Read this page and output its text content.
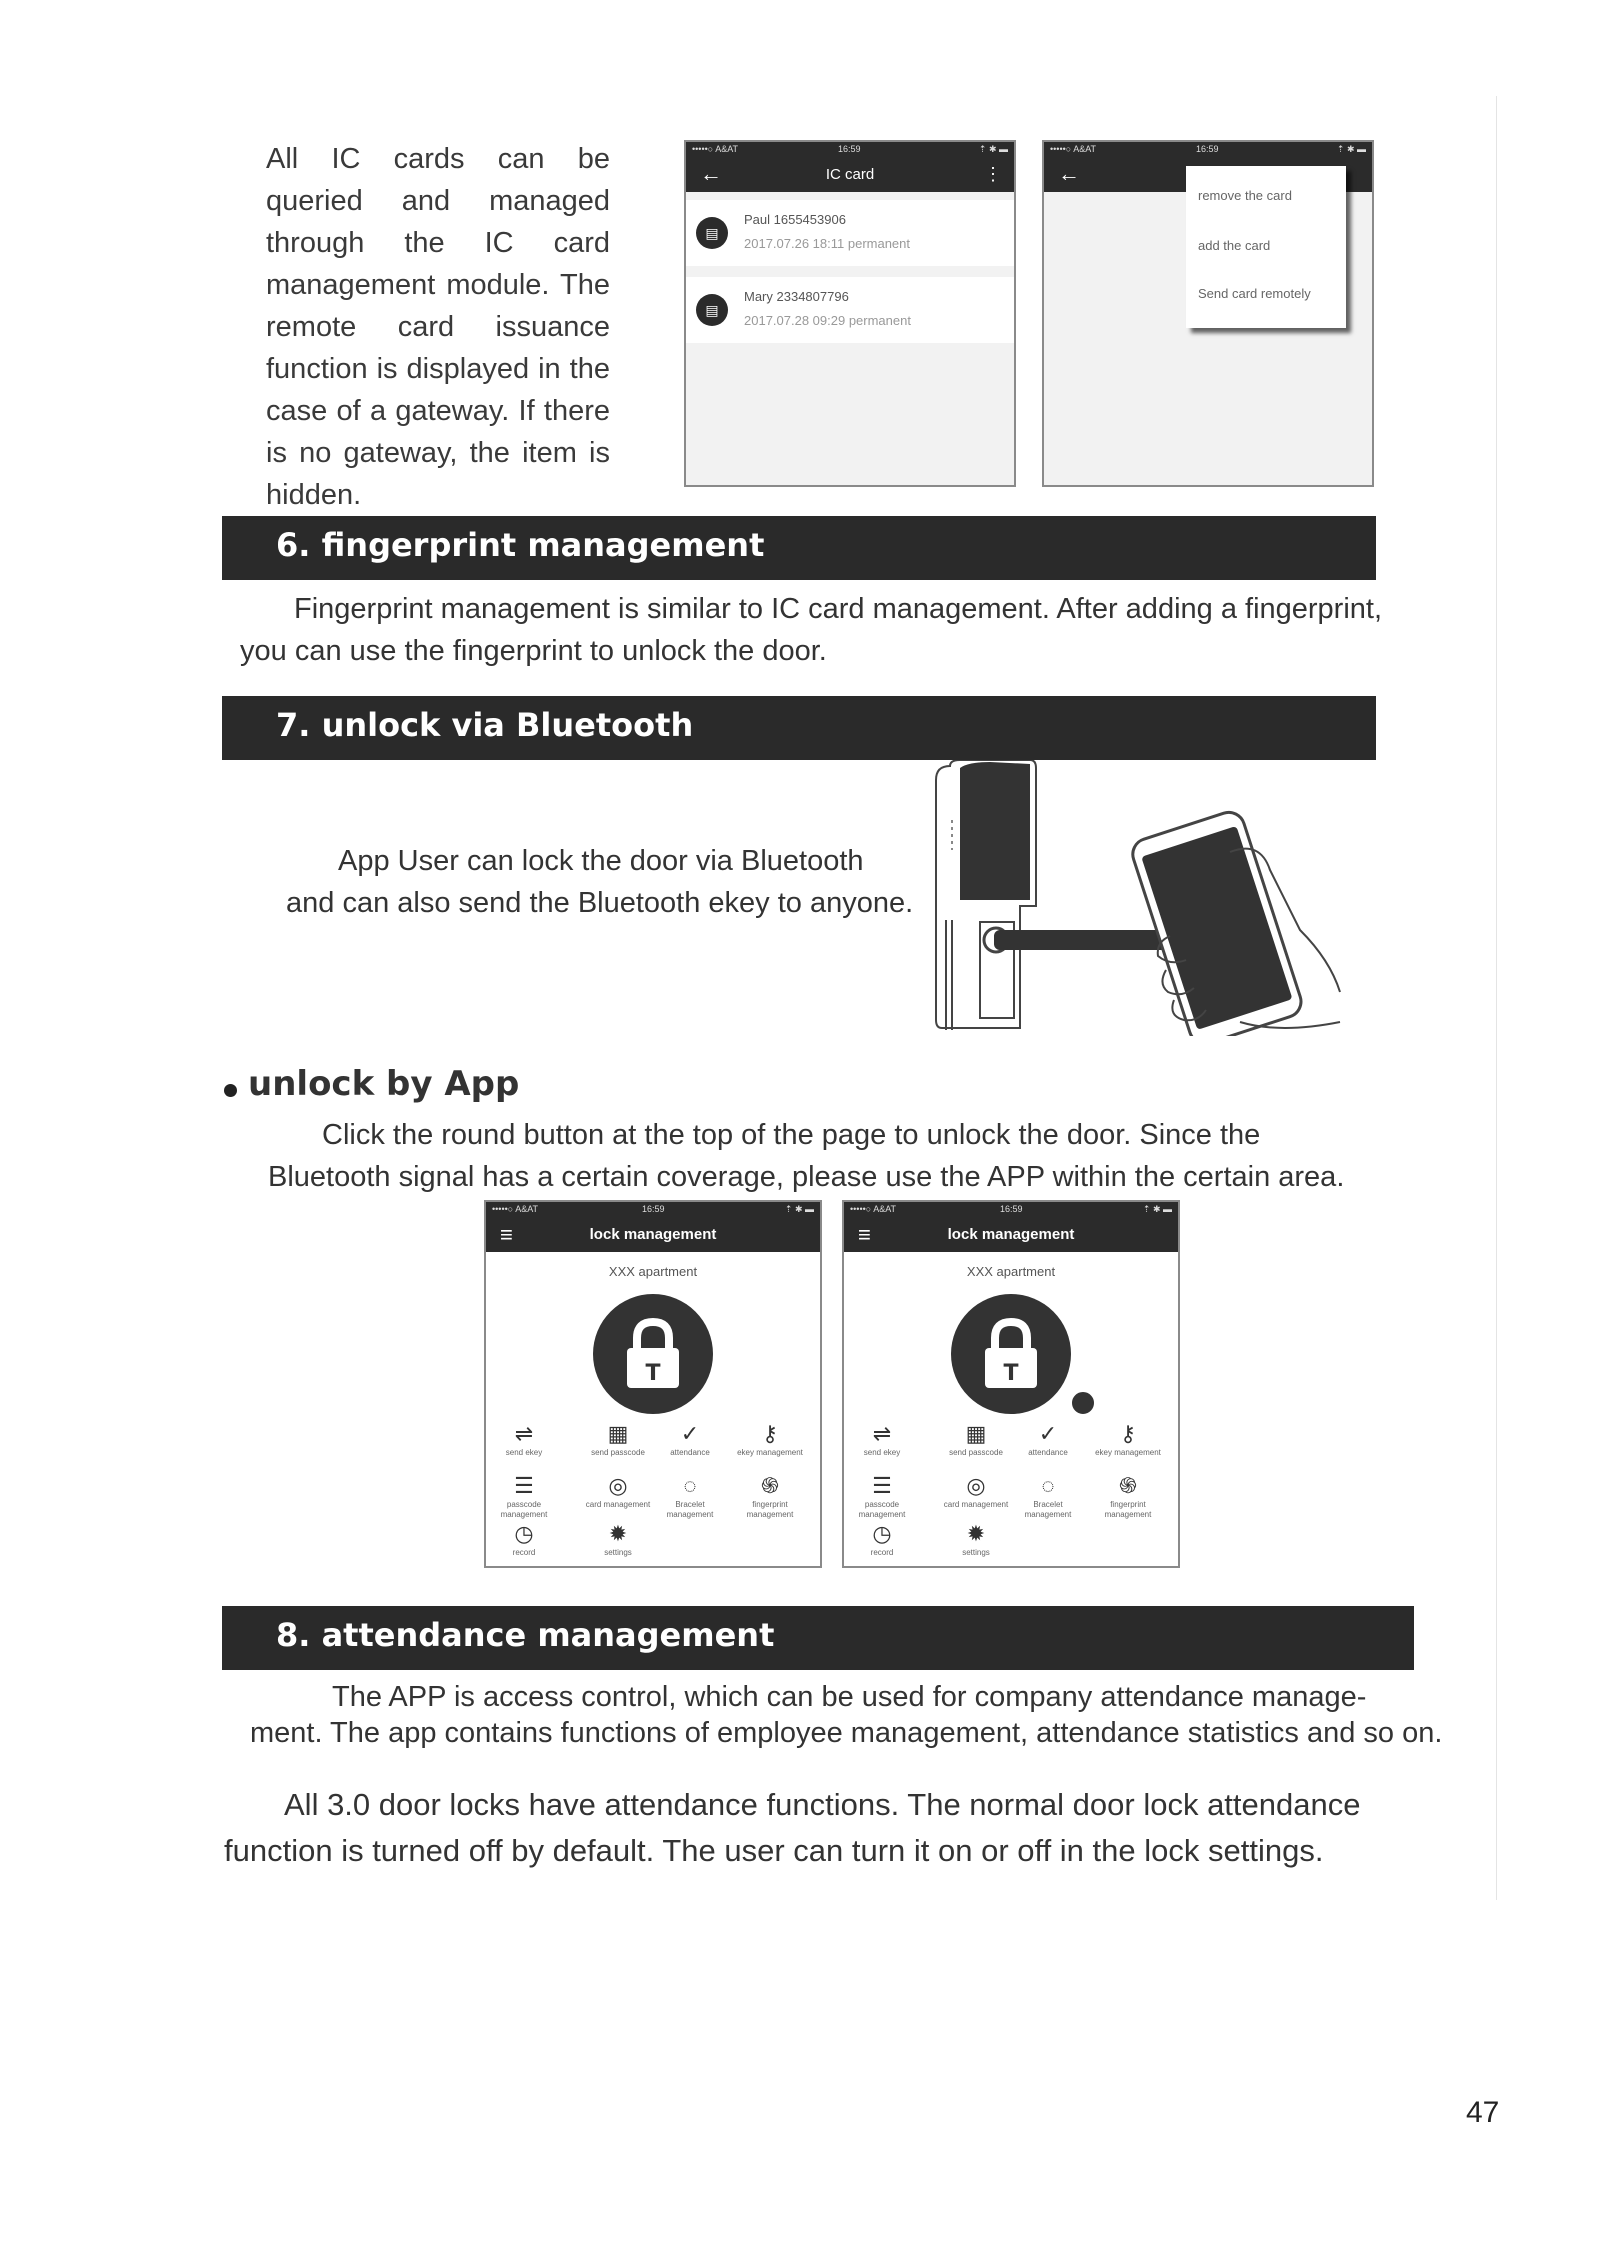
All IC cards can be queried and managed through the IC card management module. The remote card issuance function is displayed in the case of a gateway. If there is no gateway, the item is hidden.
•••••○ A&AT	16:59	⇡ ✱ ▬
←	IC card	⋮
▤
Paul 1655453906
2017.07.26 18:11 permanent
▤
Mary 2334807796
2017.07.28 09:29 permanent
•••••○ A&AT	16:59	⇡ ✱ ▬
←
remove the card
add the card
Send card remotely
6. fingerprint management
Fingerprint management is similar to IC card management. After adding a fingerprint,
you can use the fingerprint to unlock the door.
7. unlock via Bluetooth
App User can lock the door via Bluetooth
and can also send the Bluetooth ekey to anyone.
unlock by App
Click the round button at the top of the page to unlock the door. Since the
Bluetooth signal has a certain coverage, please use the APP within the certain area.
•••••○ A&AT	16:59	⇡ ✱ ▬
≡	lock management
XXX apartment
T
⇌
send ekey
▦
send passcode
✓
attendance
⚷
ekey management
☰
passcode management
◎
card management
◌
Bracelet management
֍
fingerprint management
◷
record
✹
settings
•••••○ A&AT	16:59	⇡ ✱ ▬
≡	lock management
XXX apartment
T
⇌
send ekey
▦
send passcode
✓
attendance
⚷
ekey management
☰
passcode management
◎
card management
◌
Bracelet management
֍
fingerprint management
◷
record
✹
settings
8. attendance management
The APP is access control, which can be used for company attendance manage-
ment. The app contains functions of employee management, attendance statistics and so on.
All 3.0 door locks have attendance functions. The normal door lock attendance
function is turned off by default. The user can turn it on or off in the lock settings.
47
